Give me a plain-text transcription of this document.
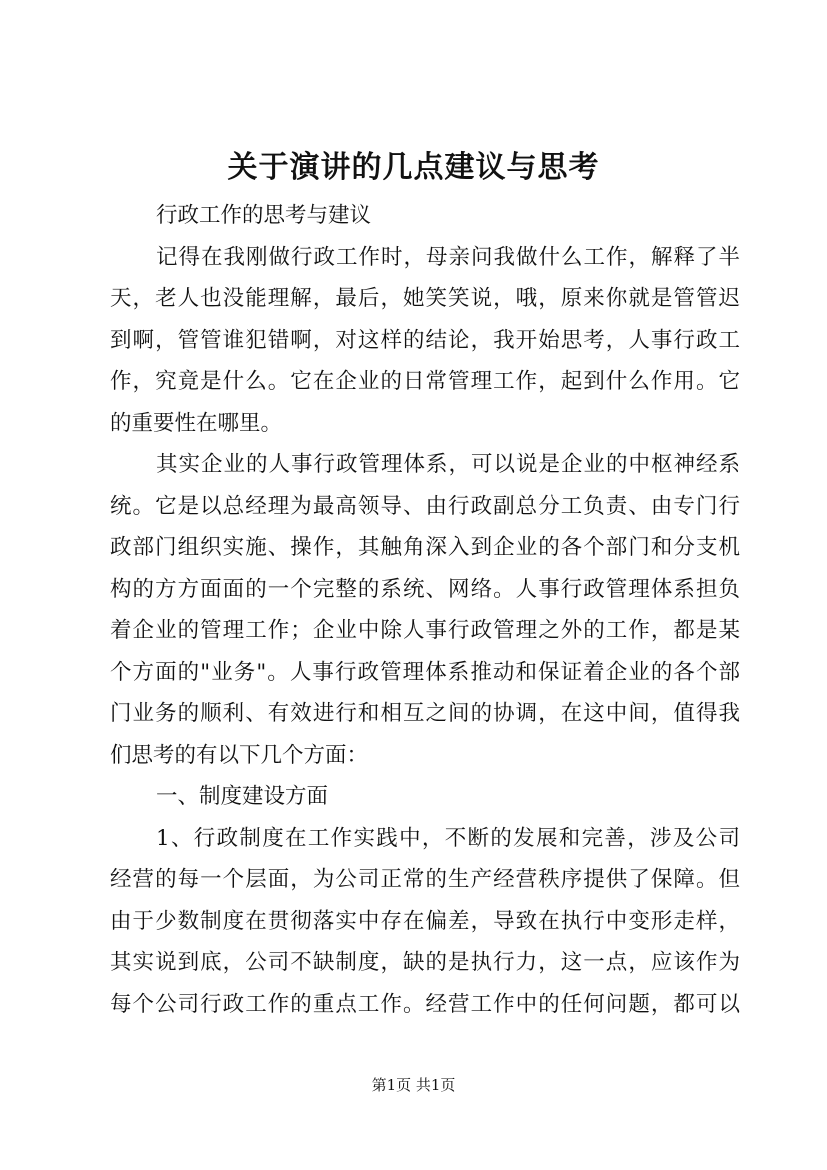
关于演讲的几点建议与思考
行政工作的思考与建议
记得在我刚做行政工作时，母亲问我做什么工作，解释了半
天，老人也没能理解，最后，她笑笑说，哦，原来你就是管管迟
到啊，管管谁犯错啊，对这样的结论，我开始思考，人事行政工
作，究竟是什么。它在企业的日常管理工作，起到什么作用。它
的重要性在哪里。
其实企业的人事行政管理体系，可以说是企业的中枢神经系
统。它是以总经理为最高领导、由行政副总分工负责、由专门行
政部门组织实施、操作，其触角深入到企业的各个部门和分支机
构的方方面面的一个完整的系统、网络。人事行政管理体系担负
着企业的管理工作；企业中除人事行政管理之外的工作，都是某
个方面的"业务"。人事行政管理体系推动和保证着企业的各个部
门业务的顺利、有效进行和相互之间的协调，在这中间，值得我
们思考的有以下几个方面：
一、制度建设方面
1、行政制度在工作实践中，不断的发展和完善，涉及公司
经营的每一个层面，为公司正常的生产经营秩序提供了保障。但
由于少数制度在贯彻落实中存在偏差，导致在执行中变形走样，
其实说到底，公司不缺制度，缺的是执行力，这一点，应该作为
每个公司行政工作的重点工作。经营工作中的任何问题，都可以
第1页 共1页
